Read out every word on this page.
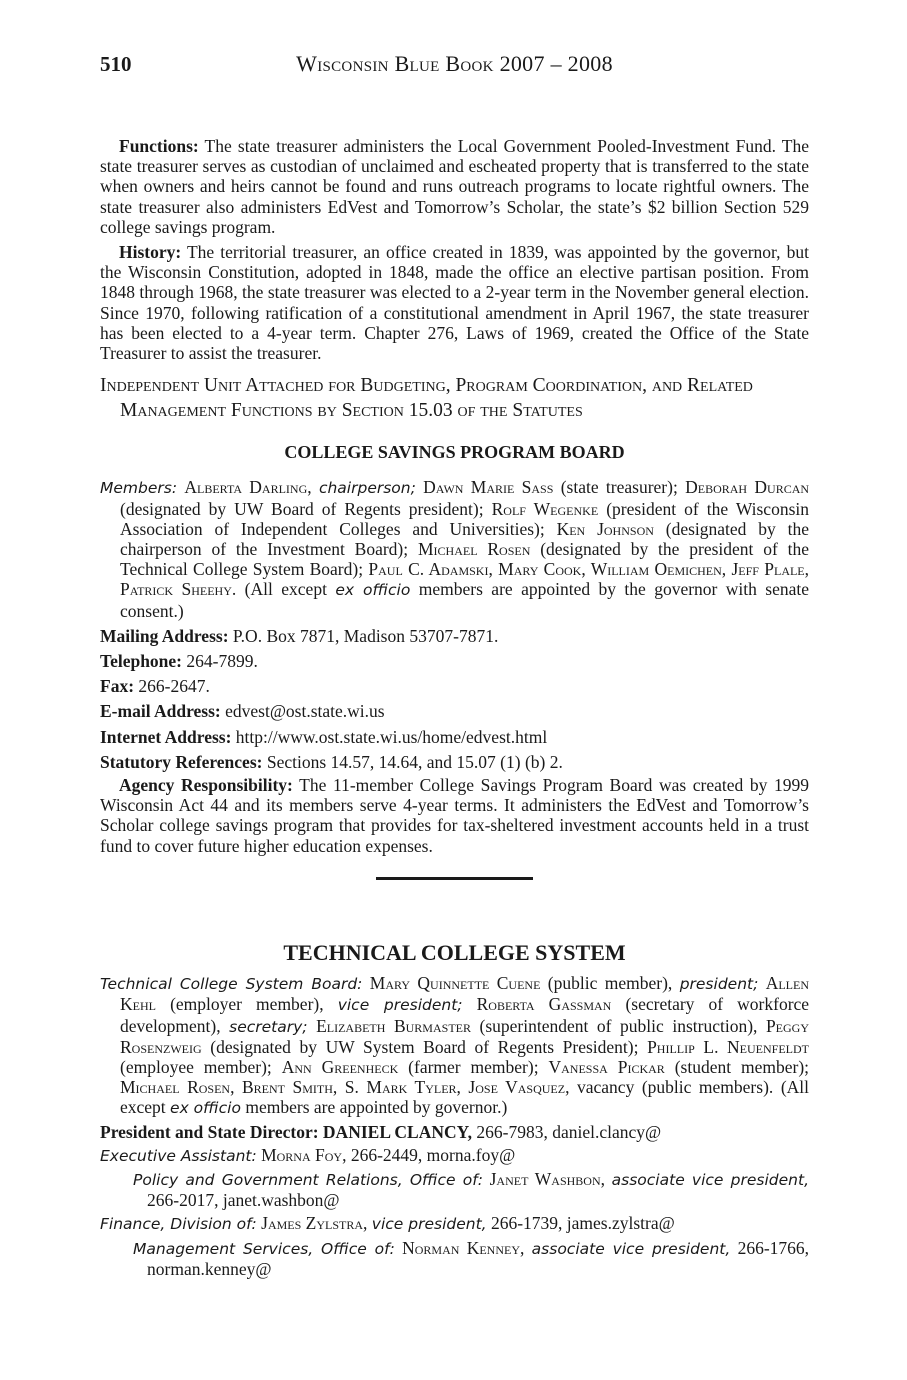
510	Wisconsin Blue Book 2007 – 2008

Functions: The state treasurer administers the Local Government Pooled-Investment Fund. The state treasurer serves as custodian of unclaimed and escheated property that is transferred to the state when owners and heirs cannot be found and runs outreach programs to locate rightful owners. The state treasurer also administers EdVest and Tomorrow’s Scholar, the state’s $2 billion Section 529 college savings program.

History: The territorial treasurer, an office created in 1839, was appointed by the governor, but the Wisconsin Constitution, adopted in 1848, made the office an elective partisan position. From 1848 through 1968, the state treasurer was elected to a 2-year term in the November general election. Since 1970, following ratification of a constitutional amendment in April 1967, the state treasurer has been elected to a 4-year term. Chapter 276, Laws of 1969, created the Office of the State Treasurer to assist the treasurer.

Independent Unit Attached for Budgeting, Program Coordination, and Related Management Functions by Section 15.03 of the Statutes

COLLEGE SAVINGS PROGRAM BOARD

Members: Alberta Darling, chairperson; Dawn Marie Sass (state treasurer); Deborah Durcan (designated by UW Board of Regents president); Rolf Wegenke (president of the Wisconsin Association of Independent Colleges and Universities); Ken Johnson (designated by the chairperson of the Investment Board); Michael Rosen (designated by the president of the Technical College System Board); Paul C. Adamski, Mary Cook, William Oemichen, Jeff Plale, Patrick Sheehy. (All except ex officio members are appointed by the governor with senate consent.)

Mailing Address: P.O. Box 7871, Madison 53707-7871.

Telephone: 264-7899.

Fax: 266-2647.

E-mail Address: edvest@ost.state.wi.us

Internet Address: http://www.ost.state.wi.us/home/edvest.html

Statutory References: Sections 14.57, 14.64, and 15.07 (1) (b) 2.

Agency Responsibility: The 11-member College Savings Program Board was created by 1999 Wisconsin Act 44 and its members serve 4-year terms. It administers the EdVest and Tomorrow’s Scholar college savings program that provides for tax-sheltered investment accounts held in a trust fund to cover future higher education expenses.

TECHNICAL COLLEGE SYSTEM

Technical College System Board: Mary Quinnette Cuene (public member), president; Allen Kehl (employer member), vice president; Roberta Gassman (secretary of workforce development), secretary; Elizabeth Burmaster (superintendent of public instruction), Peggy Rosenzweig (designated by UW System Board of Regents President); Phillip L. Neuenfeldt (employee member); Ann Greenheck (farmer member); Vanessa Pickar (student member); Michael Rosen, Brent Smith, S. Mark Tyler, Jose Vasquez, vacancy (public members). (All except ex officio members are appointed by governor.)

President and State Director: DANIEL CLANCY, 266-7983, daniel.clancy@

Executive Assistant: Morna Foy, 266-2449, morna.foy@

Policy and Government Relations, Office of: Janet Washbon, associate vice president, 266-2017, janet.washbon@

Finance, Division of: James Zylstra, vice president, 266-1739, james.zylstra@

Management Services, Office of: Norman Kenney, associate vice president, 266-1766, norman.kenney@
